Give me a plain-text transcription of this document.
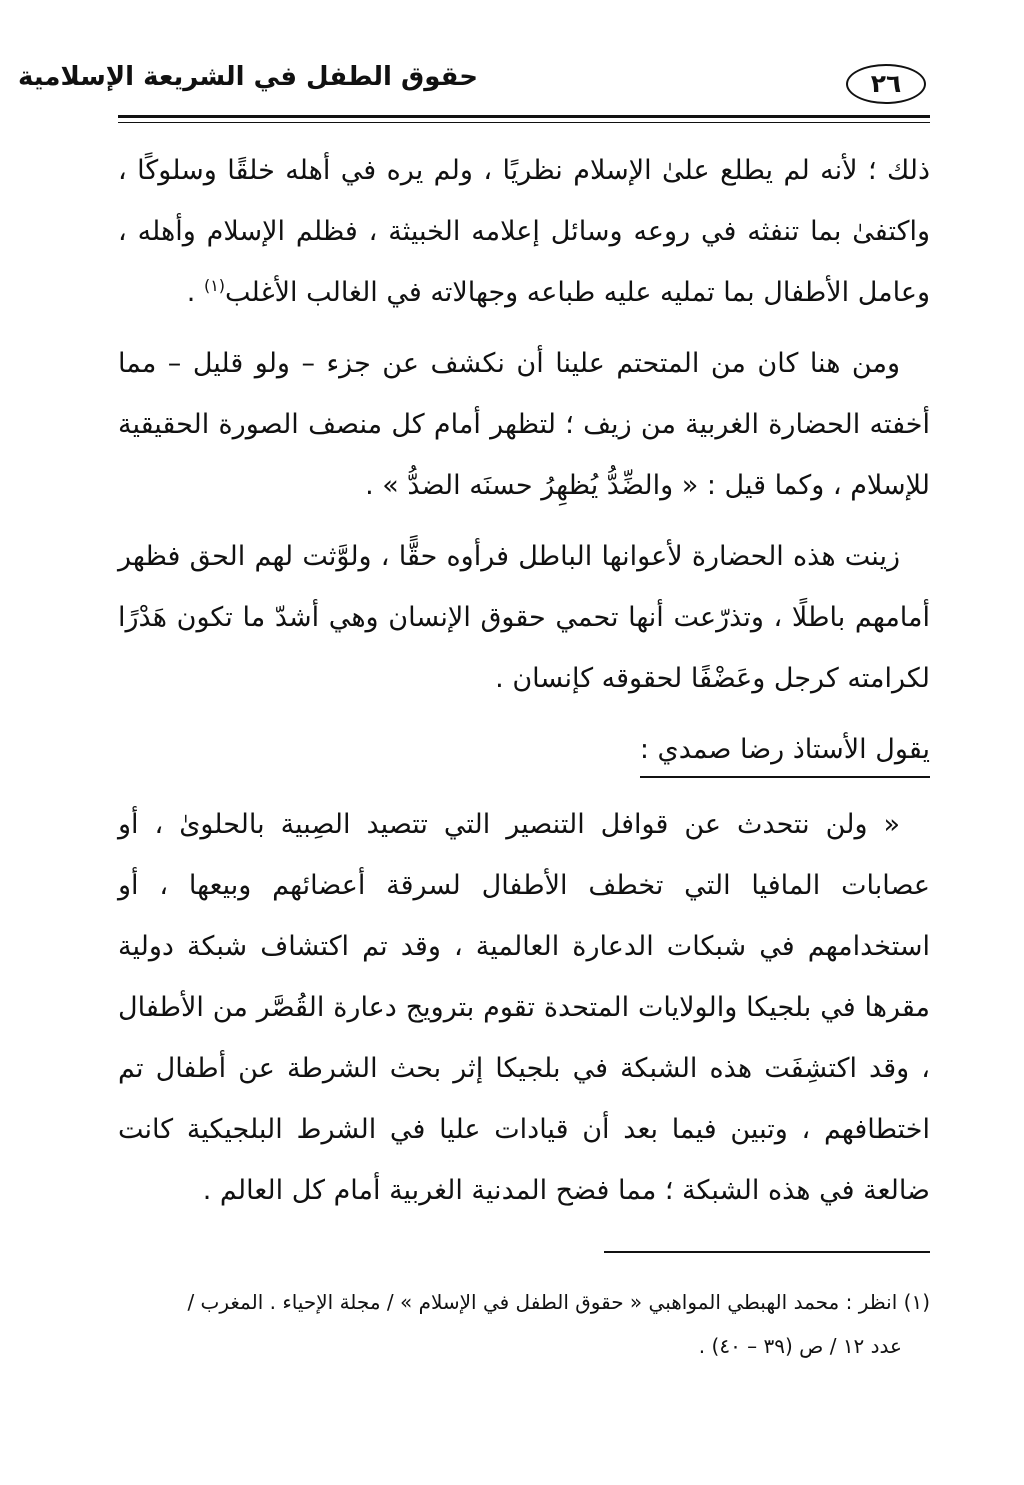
٢٦
حقوق الطفل في الشريعة الإسلامية

ذلك ؛ لأنه لم يطلع علىٰ الإسلام نظريًا ، ولم يره في أهله خلقًا وسلوكًا ، واكتفىٰ بما تنفثه في روعه وسائل إعلامه الخبيثة ، فظلم الإسلام وأهله ، وعامل الأطفال بما تمليه عليه طباعه وجهالاته في الغالب الأغلب$^{(١)}$ .

ومن هنا كان من المتحتم علينا أن نكشف عن جزء – ولو قليل – مما أخفته الحضارة الغربية من زيف ؛ لتظهر أمام كل منصف الصورة الحقيقية للإسلام ، وكما قيل : « والضِّدُّ يُظهِرُ حسنَه الضدُّ » .

زينت هذه الحضارة لأعوانها الباطل فرأوه حقًّا ، ولوَّثت لهم الحق فظهر أمامهم باطلًا ، وتذرّعت أنها تحمي حقوق الإنسان وهي أشدّ ما تكون هَدْرًا لكرامته كرجل وعَضْفًا لحقوقه كإنسان .

يقول الأستاذ رضا صمدي :

« ولن نتحدث عن قوافل التنصير التي تتصيد الصِبية بالحلوىٰ ، أو عصابات المافيا التي تخطف الأطفال لسرقة أعضائهم وبيعها ، أو استخدامهم في شبكات الدعارة العالمية ، وقد تم اكتشاف شبكة دولية مقرها في بلجيكا والولايات المتحدة تقوم بترويج دعارة القُصَّر من الأطفال ، وقد اكتشِفَت هذه الشبكة في بلجيكا إثر بحث الشرطة عن أطفال تم اختطافهم ، وتبين فيما بعد أن قيادات عليا في الشرط البلجيكية كانت ضالعة في هذه الشبكة ؛ مما فضح المدنية الغربية أمام كل العالم .

(١) انظر : محمد الهبطي المواهبي « حقوق الطفل في الإسلام » / مجلة الإحياء . المغرب /
عدد ١٢ / ص (٣٩ – ٤٠) .
